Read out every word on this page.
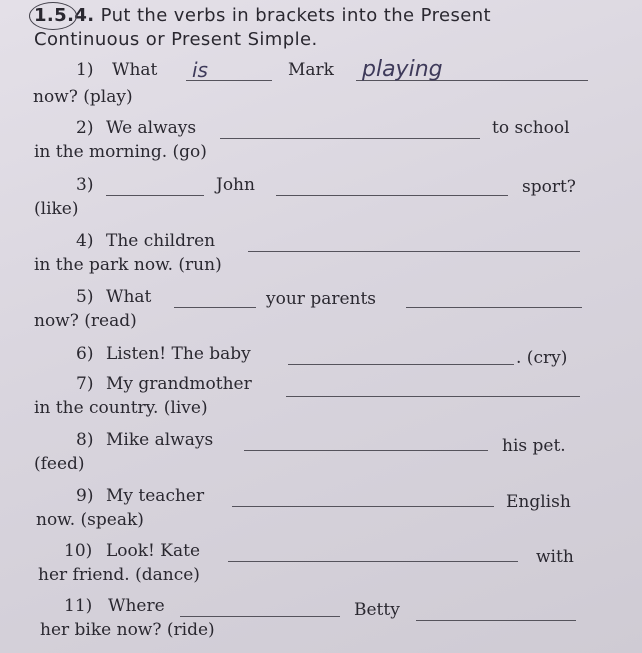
1.5.4. Put the verbs in brackets into the Present
Continuous or Present Simple.
1) What is	Mark
now? (play)
playing
2) We always	to school
in the morning. (go)
3)	John	sport?
(like)
4) The children
in the park now. (run)
5) What	your parents
now? (read)
6) Listen! The baby	. (cry)
7) My grandmother
in the country. (live)
8) Mike always	his pet.
(feed)
9) My teacher	English
now. (speak)
10) Look! Kate	with
her friend. (dance)
11) Where	Betty
her bike now? (ride)
